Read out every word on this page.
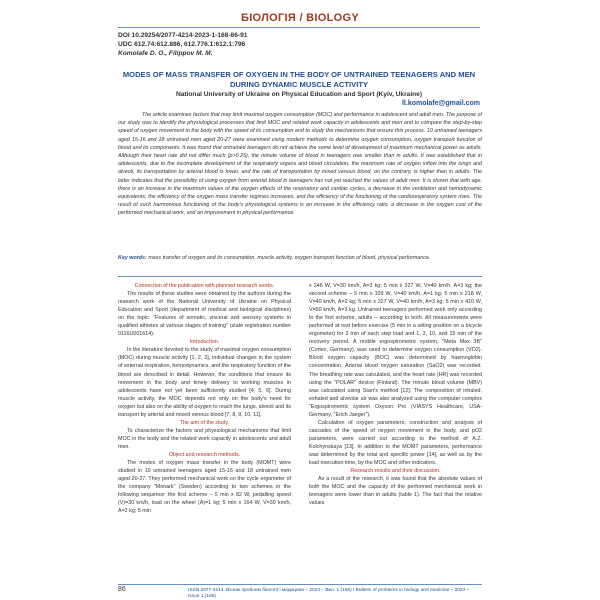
БІОЛОГІЯ / BIOLOGY
DOI 10.29254/2077-4214-2023-1-168-86-91
UDC 612.74:612.886, 612.776.1:612.1:796
Komolafe D. O., Filippov M. M.
MODES OF MASS TRANSFER OF OXYGEN IN THE BODY OF UNTRAINED TEENAGERS AND MEN DURING DYNAMIC MUSCLE ACTIVITY
National University of Ukraine on Physical Education and Sport (Kyiv, Ukraine)
ll.komolafe@gmail.com

The article examines factors that may limit maximal oxygen consumption (MOC) and performance in adolescent and adult men. The purpose of our study was to identify the physiological processes that limit MOC and related work capacity in adolescents and men and to compare the step-by-step speed of oxygen movement in the body with the speed of its consumption and to study the mechanisms that ensure this process. 10 untrained teenagers aged 15-16 and 18 untrained men aged 20-27 were examined using modern methods to determine oxygen consumption, oxygen transport function of blood and its components. It was found that untrained teenagers do not achieve the same level of development of maximum mechanical power as adults. Although their heart rate did not differ much (p>0.25), the minute volume of blood in teenagers was smaller than in adults. It was established that in adolescents, due to the incomplete development of the respiratory organs and blood circulation, the maximum rate of oxygen inflow into the lungs and alveoli, its transportation by arterial blood is lower, and the rate of transportation by mixed venous blood, on the contrary, is higher than in adults. The latter indicates that the possibility of using oxygen from arterial blood in teenagers has not yet reached the values of adult men. It is shown that with age, there is an increase in the maximum values of the oxygen effects of the respiratory and cardiac cycles, a decrease in the ventilation and hemodynamic equivalents, the efficiency of the oxygen mass transfer regimes increases, and the efficiency of the functioning of the cardiorespiratory system rises. The result of such harmonious functioning of the body's physiological systems is an increase in the efficiency ratio, a decrease in the oxygen cost of the performed mechanical work, and an improvement in physical performance.

Key words: mass transfer of oxygen and its consumption, muscle activity, oxygen transport function of blood, physical performance.

Connection of the publication with planned research works.

The results of these studies were obtained by the authors during the research work of the National University of Ukraine on Physical Education and Sport (department of medical and biological disciplines) on the topic: "Features of somatic, visceral and sensory systems in qualified athletes at various stages of training" (state registration number 0116U001614).

Introduction.

In the literature devoted to the study of maximal oxygen consumption (MOC) during muscle activity [1, 2, 3], individual changes in the system of external respiration, hemodynamics, and the respiratory function of the blood are described in detail. However, the conditions that ensure its movement in the body and timely delivery to working muscles in adolescents have not yet been sufficiently studied [4, 5, 6]. During muscle activity, the MOC depends not only on the body's need for oxygen but also on the ability of oxygen to reach the lungs, alveoli and its transport by arterial and mixed venous blood [7, 8, 9, 10, 11].

The aim of the study.

To characterize the factors and physiological mechanisms that limit MOC in the body and the related work capacity in adolescents and adult men.

Object and research methods.

The modes of oxygen mass transfer in the body (MOMT) were studied in 10 untrained teenagers aged 15-16 and 18 untrained men aged 20-27. They performed mechanical work on the cycle ergometer of the company "Monark" (Sweden) according to two schemes in the following sequence: the first scheme – 5 min x 82 W, pedalling speed (V)=30 km/h, load on the wheel (A)=1 kg; 5 min x 164 W, V=30 km/h, A=2 kg; 5 min

x 246 W, V=30 km/h, A=3 kg; 5 min x 327 W, V=40 km/h, A=3 kg; the second scheme – 5 min x 109 W, V=40 km/h, A=1 kg; 5 min x 218 W, V=40 km/h, A=2 kg; 5 min x 327 W, V=40 km/h, A=3 kg; 5 min x 410 W, V=50 km/h, A=3 kg. Untrained teenagers performed work only according to the first scheme, adults – according to both. All measurements were performed at rest before exercise (5 min in a sitting position on a bicycle ergometer) for 3 min of each step load and 1, 3, 10, and 15 min of the recovery period. A mobile ergospirometric system, "Meta Max 3B" (Cortex, Germany), was used to determine oxygen consumption (VO2). Blood oxygen capacity (BOC) was determined by haemoglobin concentration. Arterial blood oxygen saturation (SaO2) was recorded. The breathing rate was calculated, and the heart rate (HR) was recorded using the "POLAR" device (Finland). The minute blood volume (MBV) was calculated using Starr's method [12]. The composition of inhaled, exhaled and alveolar air was also analyzed using the computer complex "Ergospirometric system Oxycon Pro (VIASYS Healthcare, USA-Germany, "Erich Jaeger").

Calculation of oxygen parameters, construction and analysis of cascades of the speed of oxygen movement in the body, and pO2 parameters, were carried out according to the method of A.Z. Kolchynskaya [13]. In addition to the MOMT parameters, performance was determined by the total and specific power [14], as well as by the load execution time, by the MOC and other indicators.

Research results and their discussion.

As a result of the research, it was found that the absolute values of both the MOC and the capacity of the performed mechanical work in teenagers were lower than in adults (table 1). The fact that the relative values

86	ISSN 2077-4214. Вісник проблем біології і медицини – 2023 – Вип. 1 (168) / Bulletin of problems in biology and medicine – 2023 – Issue 1 (168)
